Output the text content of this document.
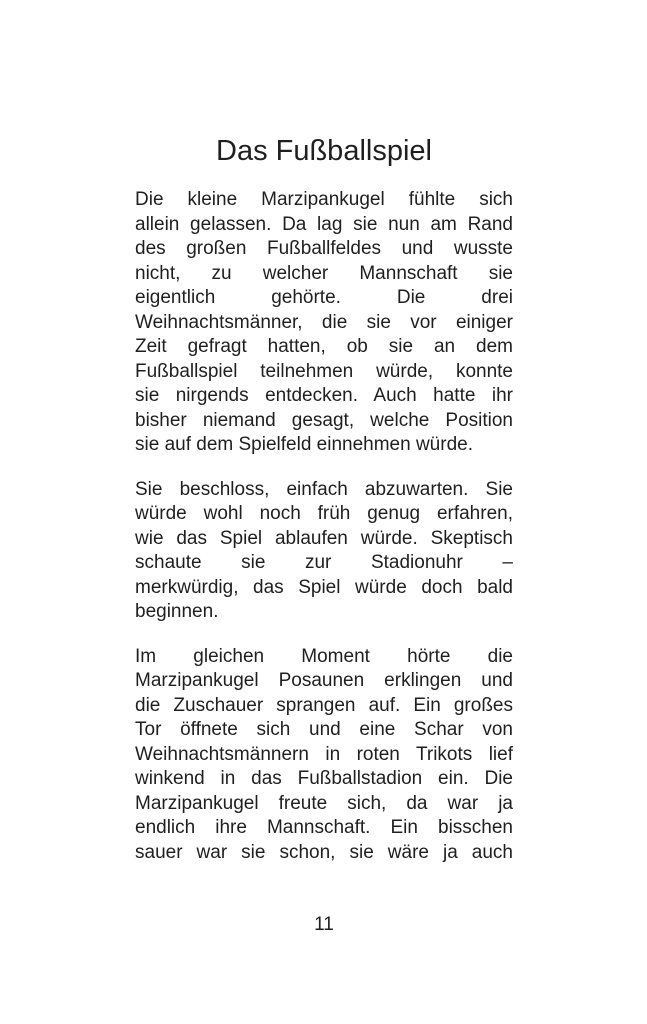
Das Fußballspiel

Die kleine Marzipankugel fühlte sich
allein gelassen. Da lag sie nun am Rand
des großen Fußballfeldes und wusste
nicht, zu welcher Mannschaft sie
eigentlich gehörte. Die drei
Weihnachtsmänner, die sie vor einiger
Zeit gefragt hatten, ob sie an dem
Fußballspiel teilnehmen würde, konnte
sie nirgends entdecken. Auch hatte ihr
bisher niemand gesagt, welche Position
sie auf dem Spielfeld einnehmen würde.

Sie beschloss, einfach abzuwarten. Sie
würde wohl noch früh genug erfahren,
wie das Spiel ablaufen würde. Skeptisch
schaute sie zur Stadionuhr –
merkwürdig, das Spiel würde doch bald
beginnen.

Im gleichen Moment hörte die
Marzipankugel Posaunen erklingen und
die Zuschauer sprangen auf. Ein großes
Tor öffnete sich und eine Schar von
Weihnachtsmännern in roten Trikots lief
winkend in das Fußballstadion ein. Die
Marzipankugel freute sich, da war ja
endlich ihre Mannschaft. Ein bisschen
sauer war sie schon, sie wäre ja auch

11
